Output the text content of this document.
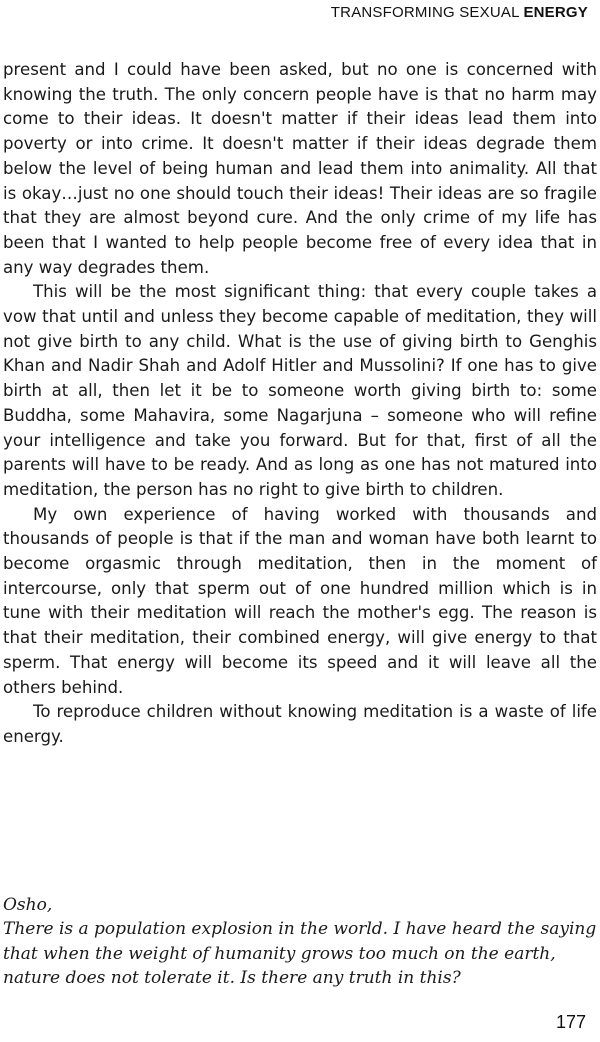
TRANSFORMING SEXUAL ENERGY

present and I could have been asked, but no one is concerned with knowing the truth. The only concern people have is that no harm may come to their ideas. It doesn't matter if their ideas lead them into poverty or into crime. It doesn't matter if their ideas degrade them below the level of being human and lead them into animality. All that is okay…just no one should touch their ideas! Their ideas are so fragile that they are almost beyond cure. And the only crime of my life has been that I wanted to help people become free of every idea that in any way degrades them.

This will be the most significant thing: that every couple takes a vow that until and unless they become capable of meditation, they will not give birth to any child. What is the use of giving birth to Genghis Khan and Nadir Shah and Adolf Hitler and Mussolini? If one has to give birth at all, then let it be to someone worth giving birth to: some Buddha, some Mahavira, some Nagarjuna – someone who will refine your intelligence and take you forward. But for that, first of all the parents will have to be ready. And as long as one has not matured into meditation, the person has no right to give birth to children.

My own experience of having worked with thousands and thousands of people is that if the man and woman have both learnt to become orgasmic through meditation, then in the moment of intercourse, only that sperm out of one hundred million which is in tune with their meditation will reach the mother's egg. The reason is that their meditation, their combined energy, will give energy to that sperm. That energy will become its speed and it will leave all the others behind.

To reproduce children without knowing meditation is a waste of life energy.

Osho,

There is a population explosion in the world. I have heard the saying that when the weight of humanity grows too much on the earth, nature does not tolerate it. Is there any truth in this?

177
